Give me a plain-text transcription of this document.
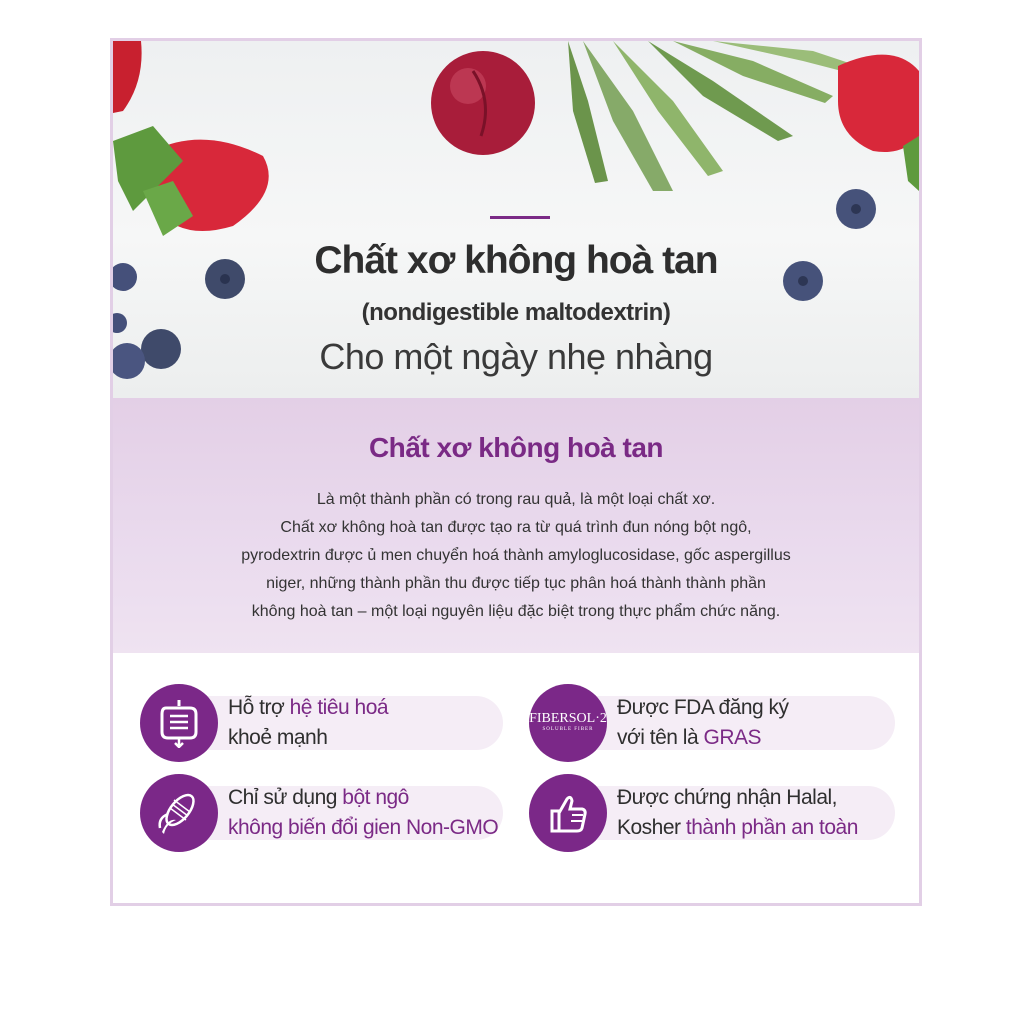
Chất xơ không hoà tan
(nondigestible maltodextrin)
Cho một ngày nhẹ nhàng
Chất xơ không hoà tan
Là một thành phần có trong rau quả, là một loại chất xơ.
Chất xơ không hoà tan được tạo ra từ quá trình đun nóng bột ngô,
pyrodextrin được ủ men chuyển hoá thành amyloglucosidase, gốc aspergillus
niger, những thành phần thu được tiếp tục phân hoá thành thành phần
không hoà tan – một loại nguyên liệu đặc biệt trong thực phẩm chức năng.
Hỗ trợ hệ tiêu hoá
khoẻ mạnh
FIBERSOL·2
SOLUBLE FIBER
Được FDA đăng ký
với tên là GRAS
Chỉ sử dụng bột ngô
không biến đổi gien Non-GMO
Được chứng nhận Halal,
Kosher thành phần an toàn
